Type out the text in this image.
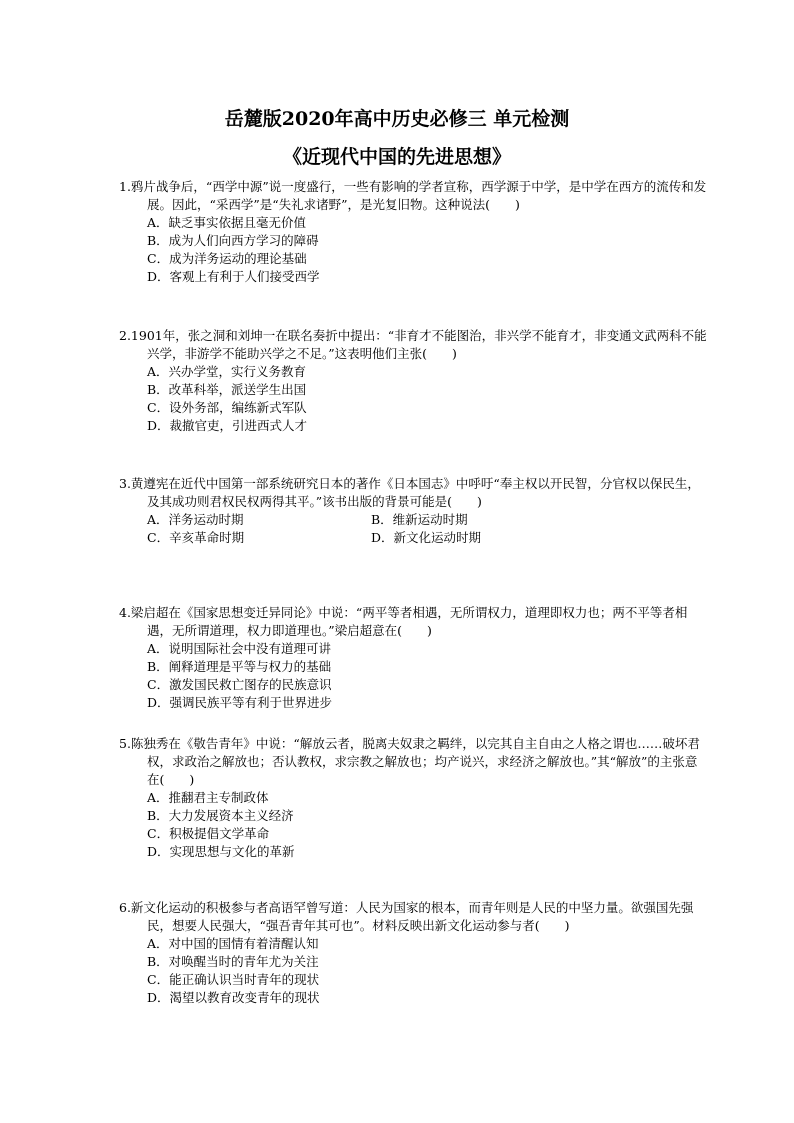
岳麓版2020年高中历史必修三 单元检测
《近现代中国的先进思想》
1.鸦片战争后，“西学中源”说一度盛行，一些有影响的学者宣称，西学源于中学，是中学在西方的流传和发展。因此，“采西学”是“失礼求诸野”，是光复旧物。这种说法(　　)
A．缺乏事实依据且毫无价值
B．成为人们向西方学习的障碍
C．成为洋务运动的理论基础
D．客观上有利于人们接受西学
2.1901年，张之洞和刘坤一在联名奏折中提出：“非育才不能图治，非兴学不能育才，非变通文武两科不能兴学，非游学不能助兴学之不足。”这表明他们主张(　　)
A．兴办学堂，实行义务教育
B．改革科举，派送学生出国
C．设外务部，编练新式军队
D．裁撤官吏，引进西式人才
3.黄遵宪在近代中国第一部系统研究日本的著作《日本国志》中呼吁“奉主权以开民智，分官权以保民生，及其成功则君权民权两得其平。”该书出版的背景可能是(　　)
A．洋务运动时期	B．维新运动时期
C．辛亥革命时期	D．新文化运动时期
4.梁启超在《国家思想变迁异同论》中说：“两平等者相遇，无所谓权力，道理即权力也；两不平等者相遇，无所谓道理，权力即道理也。”梁启超意在(　　)
A．说明国际社会中没有道理可讲
B．阐释道理是平等与权力的基础
C．激发国民救亡图存的民族意识
D．强调民族平等有利于世界进步
5.陈独秀在《敬告青年》中说：“解放云者，脱离夫奴隶之羁绊，以完其自主自由之人格之谓也……破坏君权，求政治之解放也；否认教权，求宗教之解放也；均产说兴，求经济之解放也。”其“解放”的主张意在(　　)
A．推翻君主专制政体
B．大力发展资本主义经济
C．积极提倡文学革命
D．实现思想与文化的革新
6.新文化运动的积极参与者高语罕曾写道：人民为国家的根本，而青年则是人民的中坚力量。欲强国先强民，想要人民强大，“强吾青年其可也”。材料反映出新文化运动参与者(　　)
A．对中国的国情有着清醒认知
B．对唤醒当时的青年尤为关注
C．能正确认识当时青年的现状
D．渴望以教育改变青年的现状
